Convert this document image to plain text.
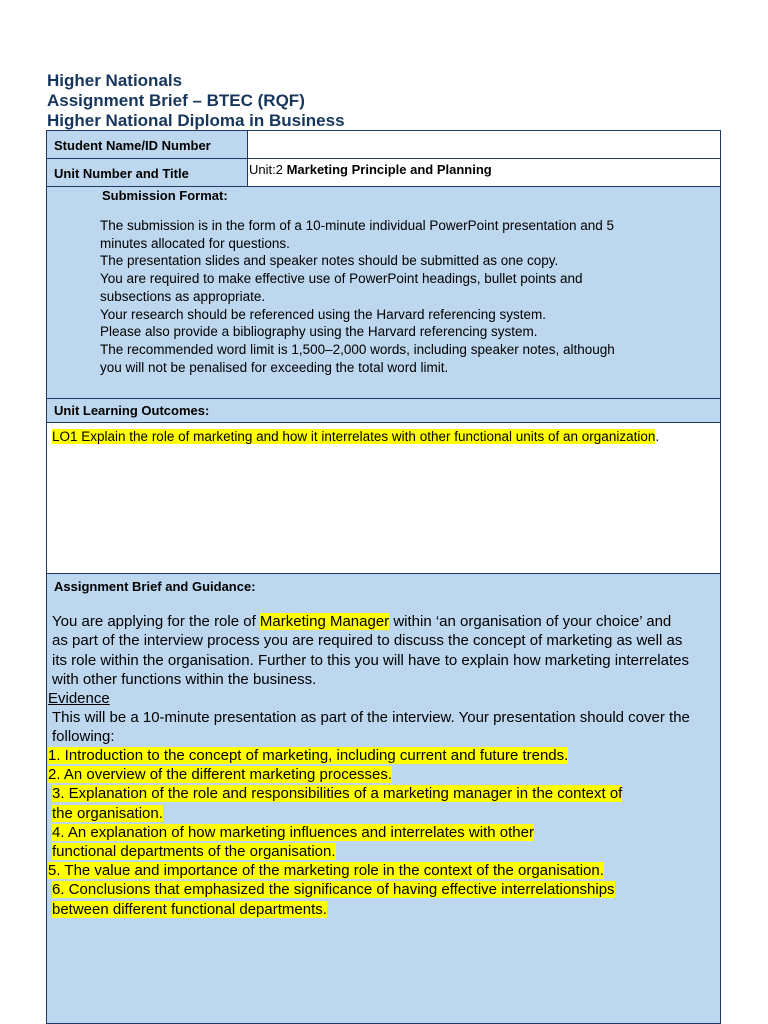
Higher Nationals
Assignment Brief – BTEC (RQF)
Higher National Diploma in Business
Student Name/ID Number
Unit Number and Title	Unit:2 Marketing Principle and Planning
Submission Format:
The submission is in the form of a 10-minute individual PowerPoint presentation and 5
minutes allocated for questions.
The presentation slides and speaker notes should be submitted as one copy.
You are required to make effective use of PowerPoint headings, bullet points and
subsections as appropriate.
Your research should be referenced using the Harvard referencing system.
Please also provide a bibliography using the Harvard referencing system.
The recommended word limit is 1,500–2,000 words, including speaker notes, although
you will not be penalised for exceeding the total word limit.
Unit Learning Outcomes:
LO1 Explain the role of marketing and how it interrelates with other functional units of an organization.
Assignment Brief and Guidance:
You are applying for the role of Marketing Manager within ‘an organisation of your choice’ and
as part of the interview process you are required to discuss the concept of marketing as well as
its role within the organisation. Further to this you will have to explain how marketing interrelates
with other functions within the business.
Evidence
This will be a 10-minute presentation as part of the interview. Your presentation should cover the
following:
1. Introduction to the concept of marketing, including current and future trends.
2. An overview of the different marketing processes.
3. Explanation of the role and responsibilities of a marketing manager in the context of
the organisation.
4. An explanation of how marketing influences and interrelates with other
functional departments of the organisation.
5. The value and importance of the marketing role in the context of the organisation.
6. Conclusions that emphasized the significance of having effective interrelationships
between different functional departments.
